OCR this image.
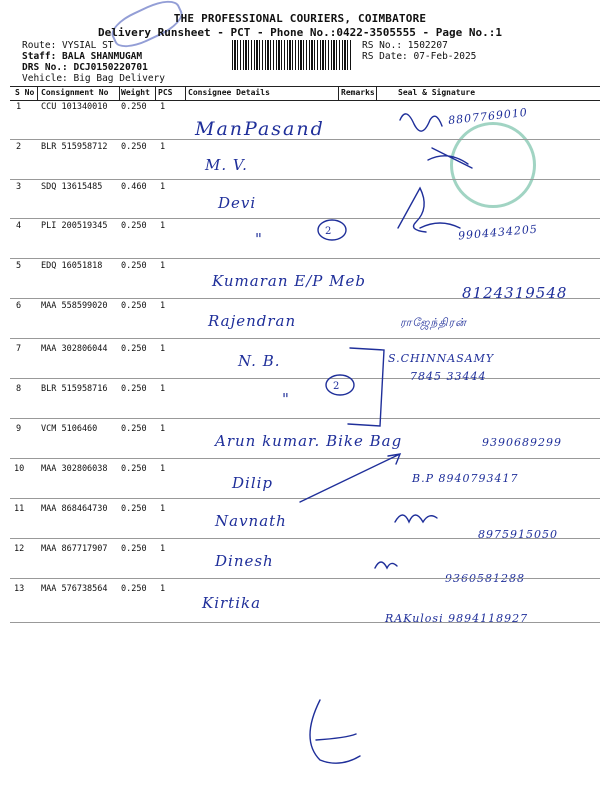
THE PROFESSIONAL COURIERS, COIMBATORE
Delivery Runsheet - PCT - Phone No.:0422-3505555 - Page No.:1
Route: VYSIAL ST
Staff: BALA SHANMUGAM
DRS No.: DCJ0150220701
Vehicle: Big Bag Delivery
RS No.: 1502207
RS Date: 07-Feb-2025
S No Consignment No Weight PCS Consignee Details	Remarks	Seal & Signature
1 CCU 101340010 0.250 1
ManPasand
8807769010
2 BLR 515958712 0.250 1
M. V.
3 SDQ 13615485 0.460 1
Devi
4 PLI 200519345 0.250 1
"	9904434205
5 EDQ 16051818 0.250 1
Kumaran E/P Meb
8124319548
6 MAA 558599020 0.250 1
Rajendran	ராஜேந்திரன்
7 MAA 302806044 0.250 1
N. B.	S.CHINNASAMY
8 BLR 515958716 0.250 1
"
7845 33444
9 VCM 5106460	0.250 1
Arun kumar. Bike Bag	9390689299
10 MAA 302806038 0.250 1
Dilip	B.P 8940793417
11 MAA 868464730 0.250 1
Navnath
8975915050
12 MAA 867717907 0.250 1
Dinesh
9360581288
13 MAA 576738564 0.250 1
Kirtika
RAKulosi 9894118927
2
2
